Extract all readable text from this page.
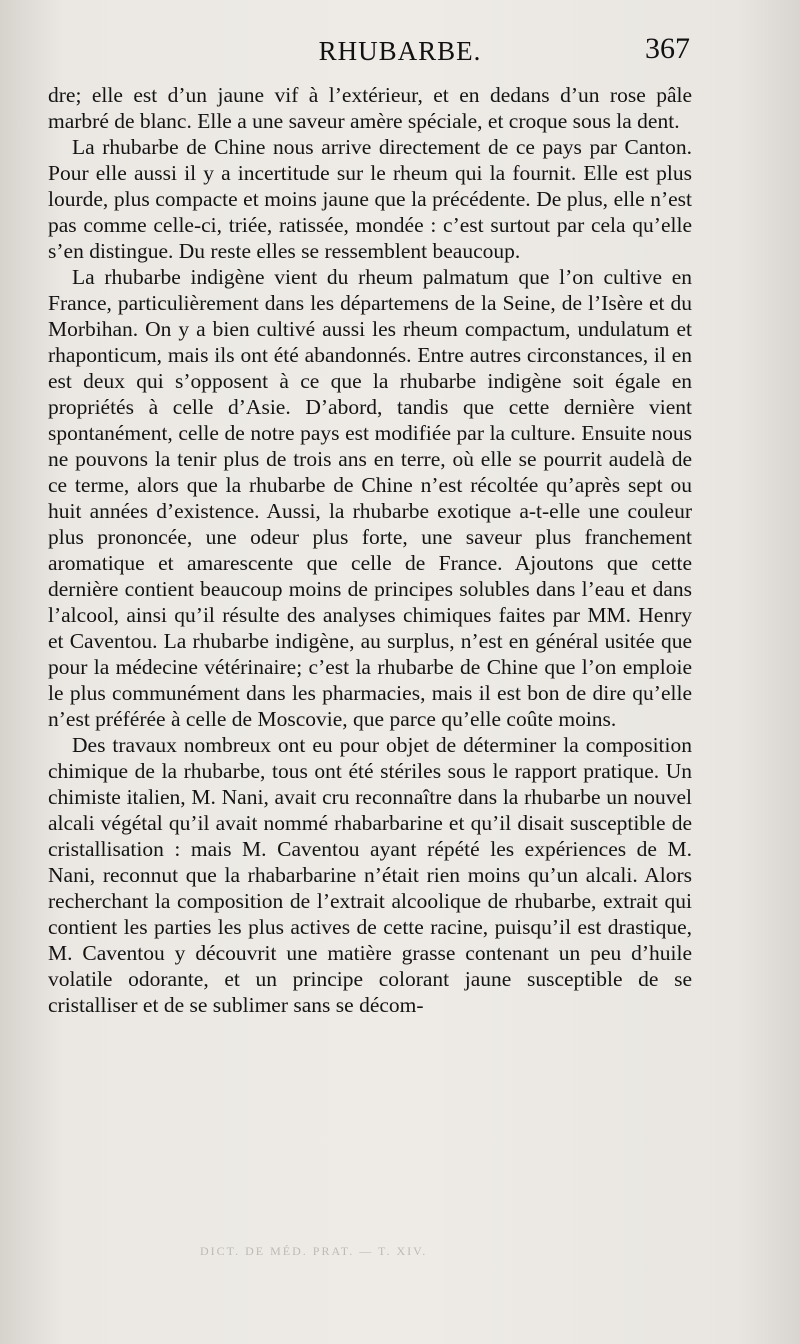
RHUBARBE.	367

dre; elle est d’un jaune vif à l’extérieur, et en dedans d’un rose pâle marbré de blanc. Elle a une saveur amère spéciale, et croque sous la dent.

La rhubarbe de Chine nous arrive directement de ce pays par Canton. Pour elle aussi il y a incertitude sur le rheum qui la fournit. Elle est plus lourde, plus compacte et moins jaune que la précédente. De plus, elle n’est pas comme celle-ci, triée, ratissée, mondée : c’est surtout par cela qu’elle s’en distingue. Du reste elles se ressemblent beaucoup.

La rhubarbe indigène vient du rheum palmatum que l’on cultive en France, particulièrement dans les départemens de la Seine, de l’Isère et du Morbihan. On y a bien cultivé aussi les rheum compactum, undulatum et rhaponticum, mais ils ont été abandonnés. Entre autres circonstances, il en est deux qui s’opposent à ce que la rhubarbe indigène soit égale en propriétés à celle d’Asie. D’abord, tandis que cette dernière vient spontanément, celle de notre pays est modifiée par la culture. Ensuite nous ne pouvons la tenir plus de trois ans en terre, où elle se pourrit audelà de ce terme, alors que la rhubarbe de Chine n’est récoltée qu’après sept ou huit années d’existence. Aussi, la rhubarbe exotique a-t-elle une couleur plus prononcée, une odeur plus forte, une saveur plus franchement aromatique et amarescente que celle de France. Ajoutons que cette dernière contient beaucoup moins de principes solubles dans l’eau et dans l’alcool, ainsi qu’il résulte des analyses chimiques faites par MM. Henry et Caventou. La rhubarbe indigène, au surplus, n’est en général usitée que pour la médecine vétérinaire; c’est la rhubarbe de Chine que l’on emploie le plus communément dans les pharmacies, mais il est bon de dire qu’elle n’est préférée à celle de Moscovie, que parce qu’elle coûte moins.

Des travaux nombreux ont eu pour objet de déterminer la composition chimique de la rhubarbe, tous ont été stériles sous le rapport pratique. Un chimiste italien, M. Nani, avait cru reconnaître dans la rhubarbe un nouvel alcali végétal qu’il avait nommé rhabarbarine et qu’il disait susceptible de cristallisation : mais M. Caventou ayant répété les expériences de M. Nani, reconnut que la rhabarbarine n’était rien moins qu’un alcali. Alors recherchant la composition de l’extrait alcoolique de rhubarbe, extrait qui contient les parties les plus actives de cette racine, puisqu’il est drastique, M. Caventou y découvrit une matière grasse contenant un peu d’huile volatile odorante, et un principe colorant jaune susceptible de se cristalliser et de se sublimer sans se décom-

DICT. DE MÉD. PRAT. — T. XIV.
